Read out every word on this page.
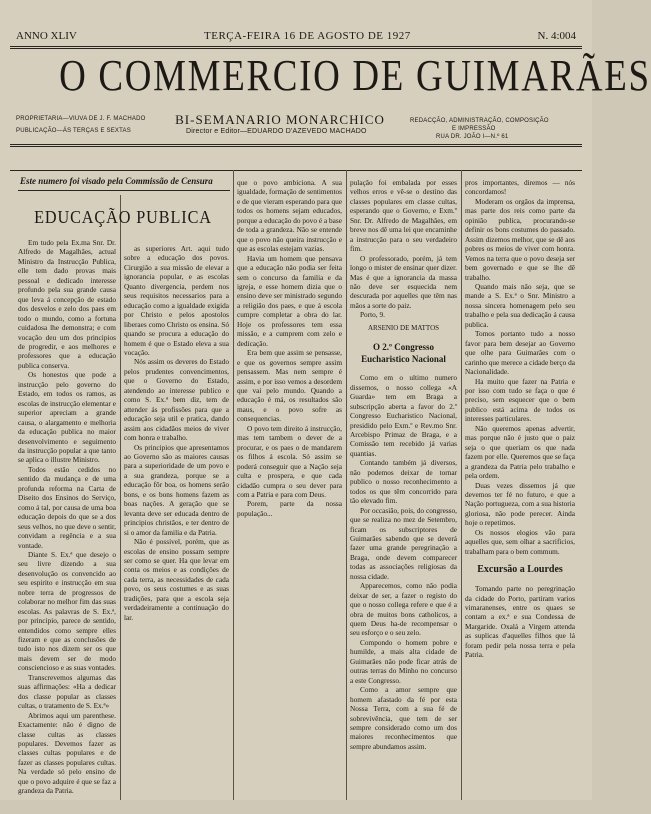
ANNO XLIV	TERÇA-FEIRA 16 DE AGOSTO DE 1927	N. 4:004
O COMMERCIO DE GUIMARÃES
BI-SEMANARIO MONARCHICO
PROPRIETARIA—VIUVA DE J. F. MACHADO
PUBLICAÇÃO—ÁS TERÇAS E SEXTAS	Director e Editor—EDUARDO D'AZEVEDO MACHADO
REDACÇÃO, ADMINISTRAÇÃO, COMPOSIÇÃO
E IMPRESSÃO
RUA DR. JOÃO I—N.º 61
Este numero foi visado pela Commissão de Censura
EDUCAÇÃO PUBLICA

Em tudo pela Ex.ma Snr. Dr. Alfredo de Magalhães, actual Ministro da Instrucção Publica, elle tem dado provas mais pessoal e dedicado interesse profundo pela sua grande causa que leva á concepção de estado dos desvelos e zelo dos paes em todo o mundo, como a fortuna cuidadosa lhe demonstra; e com vocação deu um dos principios de progredir, e aos melhores e professores que a educação publica conserva.

Os honestos que pode a instrucção pelo governo do Estado, em todos os ramos, as escolas de instrucção elementar e superior apreciam a grande causa, o alargamento e melhoria da educação publica no maior desenvolvimento e seguimento da instrucção popular a que tanto se aplica o illustre Ministro.

Todos estão cedidos no sentido da mudança e de uma profunda reforma na Carta de Diseito dos Ensinos do Serviço, como á tal, por causa de uma boa educação depois do que se a dos seus velhos, no que deve o sentir, convidam a regência e a sua vontade.

Diante S. Ex.ª que desejo o seu livre dizendo a sua desenvolução os convencido ao seu espirito e instrucção em sua nobre terra de progressos de colaborar no melhor fim das suas escolas. As palavras de S. Ex.ª, por principio, parece de sentido, entendidos como sempre elles fizeram e que as conclusões de tudo isto nos dizem ser os que mais devem ser de modo consciencioso e as suas vontades.

Transcrevemos algumas das suas affirmações: «Ha a dedicar dos classe popular as classes cultas, o tratamento de S. Ex.ª»

Abrimos aqui um parenthese. Exactamente: não é digno de classe cultas as classes populares. Devemos fazer as classes cultas populares e de fazer as classes populares cultas. Na verdade só pelo ensino de que o povo adquire é que se faz a grandeza da Patria.

as superiores Art. aqui tudo sobre a educação dos povos. Cirurgião a sua missão de elevar a ignorancia popular, e as escolas Quanto divergencia, perdem nos seus requisitos necessarios para a educação como a igualdade exigida por Christo e pelos apostolos liberaes como Christo os ensina. Só quando se procura a educação do homem é que o Estado eleva a sua vocação.

Nós assim os deveres do Estado pelos prudentes convencimentos, que o Governo do Estado, atendendo ao interesse publico e como S. Ex.ª bem diz, tem de attender ás profissões para que a educação seja util e pratica, dando assim aos cidadãos meios de viver com honra e trabalho.

Os principios que apresentamos ao Governo são as maiores causas para a superioridade de um povo e a sua grandeza, porque se a educação fôr boa, os homens serão bons, e os bons homens fazem as boas nações. A geração que se levanta deve ser educada dentro de principios christãos, e ter dentro de si o amor da familia e da Patria.

Não é possivel, porém, que as escolas de ensino possam sempre ser como se quer. Ha que levar em conta os meios e as condições de cada terra, as necessidades de cada povo, os seus costumes e as suas tradições, para que a escola seja verdadeiramente a continuação do lar.

que o povo ambiciona. A sua igualdade, formação de sentimentos e de que vieram esperando para que todos os homens sejam educados, porque a educação do povo é a base de toda a grandeza. Não se entende que o povo não queira instrucção e que as escolas estejam vazias.

Havia um homem que pensava que a educação não podia ser feita sem o concurso da familia e da igreja, e esse homem dizia que o ensino deve ser ministrado segundo a religião dos paes, e que á escola cumpre completar a obra do lar. Hoje os professores tem essa missão, e a cumprem com zelo e dedicação.

Era bem que assim se pensasse, e que os governos sempre assim pensassem. Mas nem sempre é assim, e por isso vemos a desordem que vai pelo mundo. Quando a educação é má, os resultados são maus, e o povo sofre as consequencias.

O povo tem direito á instrucção, mas tem tambem o dever de a procurar, e os paes o de mandarem os filhos á escola. Só assim se poderá conseguir que a Nação seja culta e prospera, e que cada cidadão cumpra o seu dever para com a Patria e para com Deus.

Porem, parte da nossa população...

pulação foi embalada por esses velhos erros e vê-se o destino das classes populares em classe cultas, esperando que o Governo, e Exm.º Snr. Dr. Alfredo de Magalhães, em breve nos dê uma lei que encaminhe a instrucção para o seu verdadeiro fim.

O professorado, porém, já tem longo o mister de ensinar quer dizer. Mas é que a ignorancia da massa não deve ser esquecida nem descurada por aquelles que têm nas mãos a sorte do paiz.

Porto, 9.

ARSENIO DE MATTOS
O 2.º Congresso Eucharistico Nacional

Como em o ultimo numero dissemos, o nosso collega «A Guarda» tem em Braga a subscripção aberta a favor do 2.º Congresso Eucharistico Nacional, presidido pelo Exm.º e Rev.mo Snr. Arcebispo Primaz de Braga, e a Comissão tem recebido já varias quantias.

Contando também já diversos, não podemos deixar de tornar publico o nosso reconhecimento a todos os que têm concorrido para tão elevado fim.

Por occasião, pois, do congresso, que se realiza no mez de Setembro, ficam os subscriptores de Guimarães sabendo que se deverá fazer uma grande peregrinação a Braga, onde devem comparecer todas as associações religiosas da nossa cidade.

Apparecemos, como não podia deixar de ser, a fazer o registo do que o nosso collega refere e que é a obra de muitos bons catholicos, a quem Deus ha-de recompensar o seu esforço e o seu zelo.

Compondo o homem pobre e humilde, a mais alta cidade de Guimarães não pode ficar atrás de outras terras do Minho no concurso a este Congresso.

Como a amor sempre que homem afastado da fé por esta Nossa Terra, com a sua fé de sobrevivência, que tem de ser sempre considerado como um dos maiores reconhecimentos que sempre abundamos assim.

pros importantes, diremos — nós concordamos!

Moderam os orgãos da imprensa, mas parte dos reis como parte da opinião publica, procurando-se definir os bons costumes do passado. Assim dizemos melhor, que se dê aos pobres os meios de viver com honra. Vemos na terra que o povo deseja ser bem governado e que se lhe dê trabalho.

Quando mais não seja, que se mande a S. Ex.ª o Snr. Ministro a nossa sincera homenagem pelo seu trabalho e pela sua dedicação á causa publica.

Tomos portanto tudo a nosso favor para bem desejar ao Governo que olhe para Guimarães com o carinho que merece a cidade berço da Nacionalidade.

Ha muito que fazer na Patria e por isso com tudo se faça o que é preciso, sem esquecer que o bem publico está acima de todos os interesses particulares.

Não queremos apenas advertir, mas porque não é justo que o paiz seja o que queriam os que nada fazem por elle. Queremos que se faça a grandeza da Patria pelo trabalho e pela ordem.

Duas vezes dissemos já que devemos ter fé no futuro, e que a Nação portugueza, com a sua historia gloriosa, não pode perecer. Ainda hoje o repetimos.

Os nossos elogios vão para aquelles que, sem olhar a sacrificios, trabalham para o bem commum.

Excursão a Lourdes

Tomando parte no peregrinação da cidade do Porto, partiram varios vimaranenses, entre os quaes se contam a ex.ª e sua Condessa de Margaride. Oxalá a Virgem attenda as suplicas d'aquelles filhos que lá foram pedir pela nossa terra e pela Patria.
